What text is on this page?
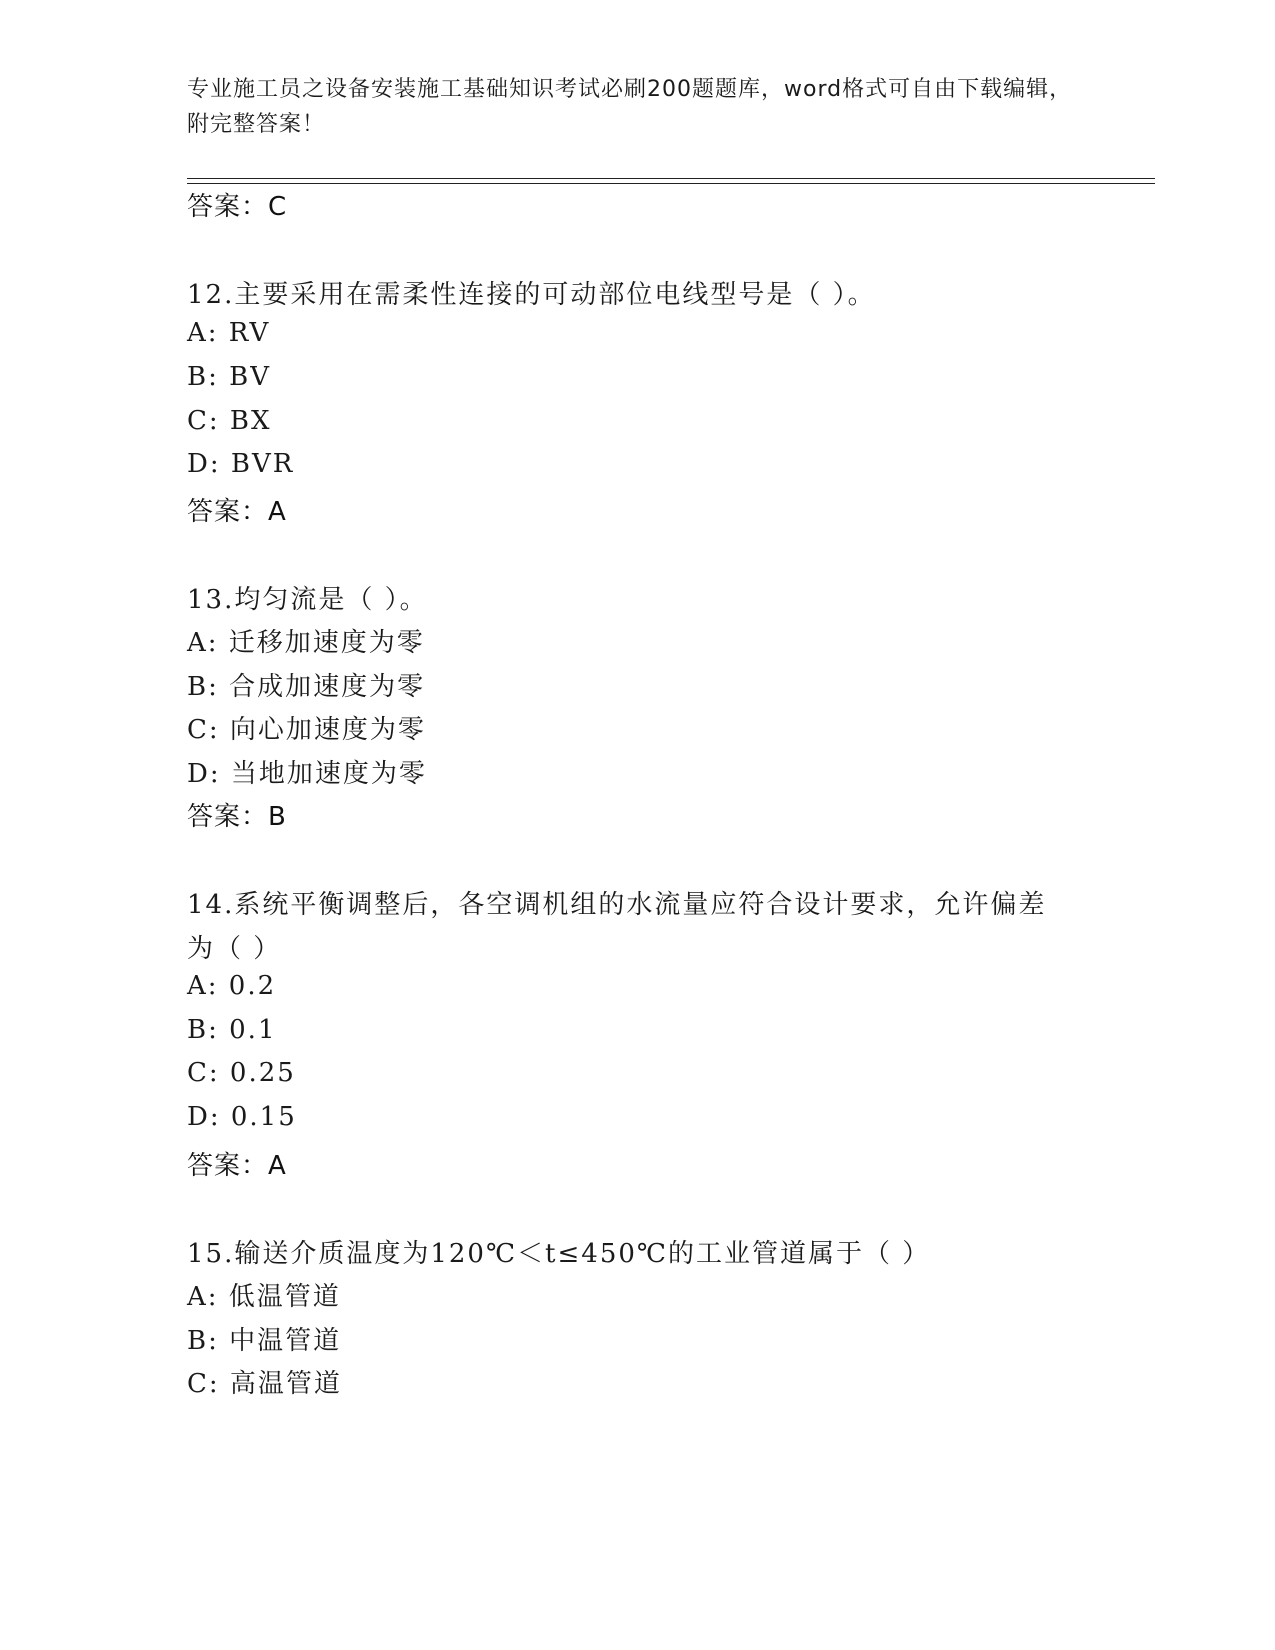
专业施工员之设备安装施工基础知识考试必刷200题题库，word格式可自由下载编辑，附完整答案！
答案：C
12.主要采用在需柔性连接的可动部位电线型号是（ ）。
A: RV
B: BV
C: BX
D: BVR
答案：A
13.均匀流是（ ）。
A: 迁移加速度为零
B: 合成加速度为零
C: 向心加速度为零
D: 当地加速度为零
答案：B
14.系统平衡调整后，各空调机组的水流量应符合设计要求，允许偏差
为（ ）
A: 0.2
B: 0.1
C: 0.25
D: 0.15
答案：A
15.输送介质温度为120℃＜t≤450℃的工业管道属于（ ）
A: 低温管道
B: 中温管道
C: 高温管道
